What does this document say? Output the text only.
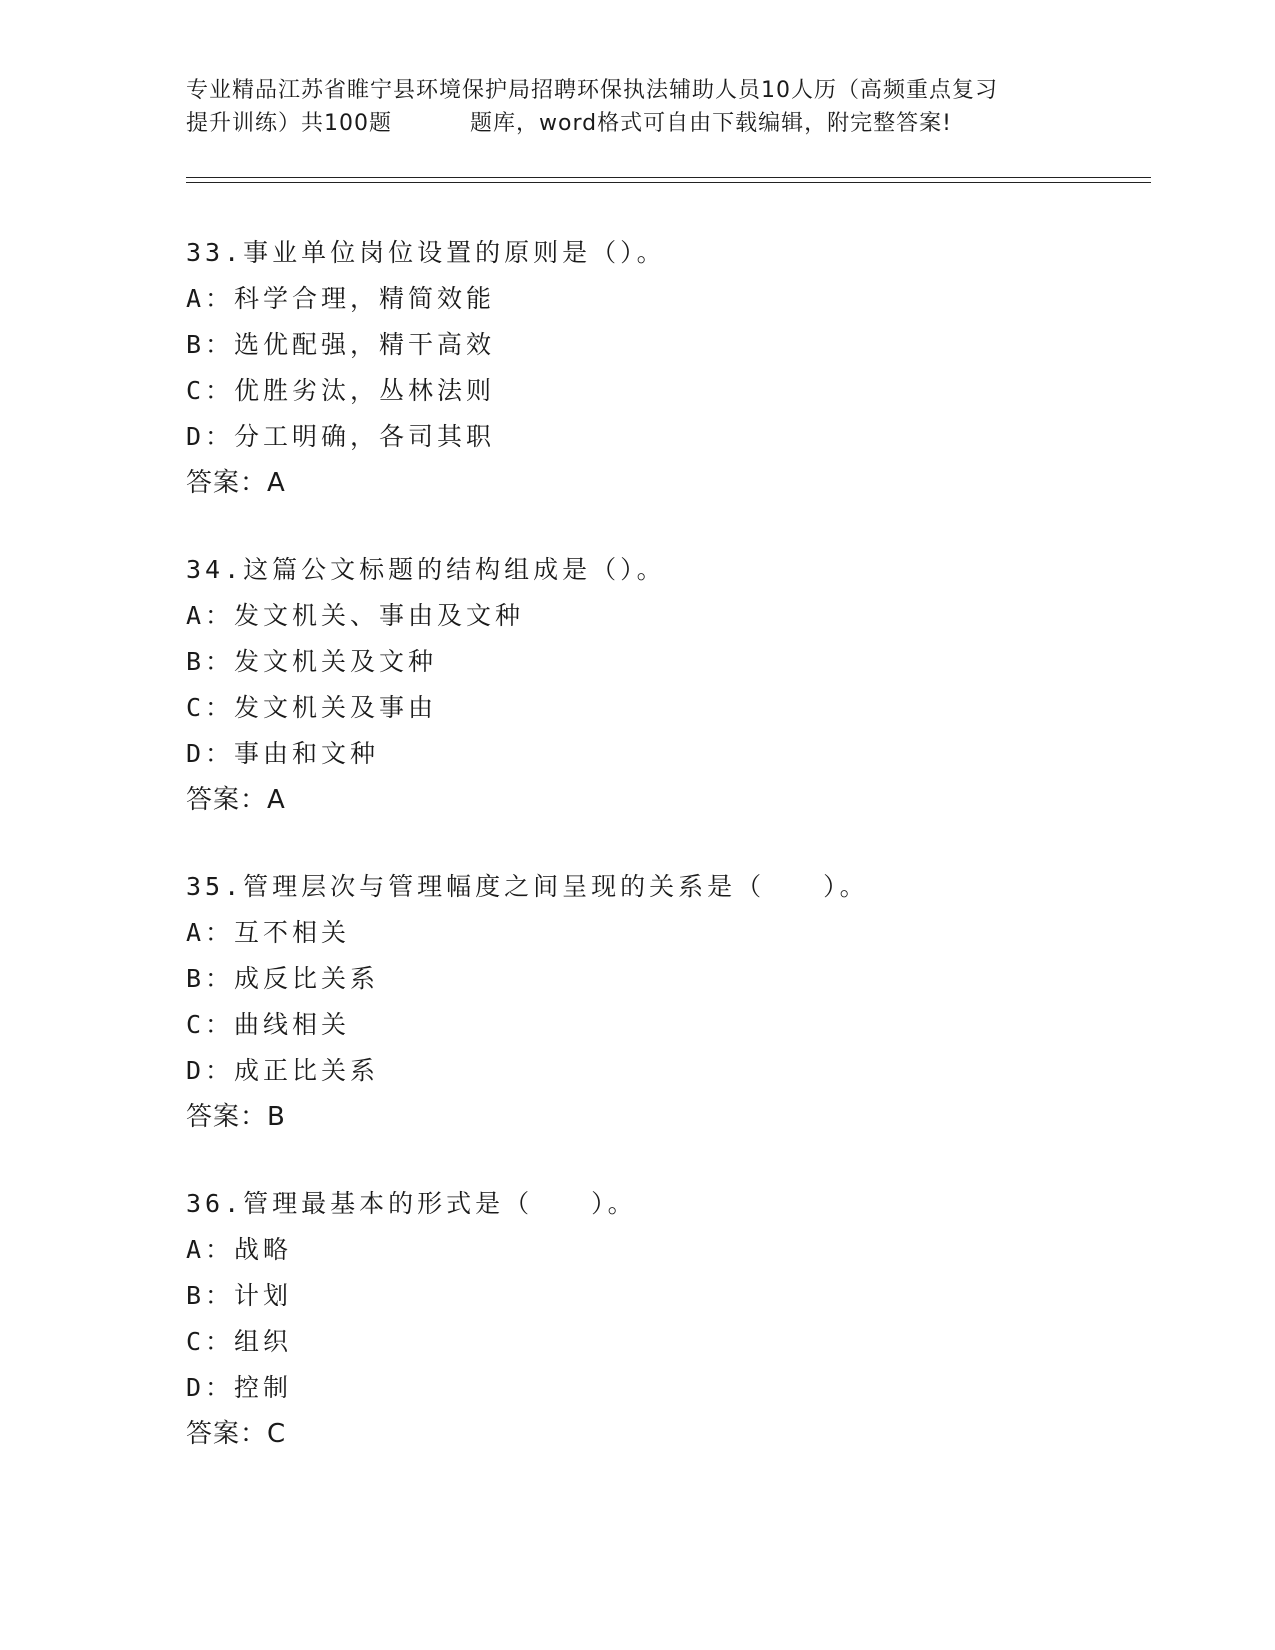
专业精品江苏省睢宁县环境保护局招聘环保执法辅助人员10人历（高频重点复习
提升训练）共100题	题库，word格式可自由下载编辑，附完整答案!
33.事业单位岗位设置的原则是（）。
A：科学合理，精简效能
B：选优配强，精干高效
C：优胜劣汰，丛林法则
D：分工明确，各司其职
答案：A
34.这篇公文标题的结构组成是（）。
A：发文机关、事由及文种
B：发文机关及文种
C：发文机关及事由
D：事由和文种
答案：A
35.管理层次与管理幅度之间呈现的关系是（　　）。
A：互不相关
B：成反比关系
C：曲线相关
D：成正比关系
答案：B
36.管理最基本的形式是（　　）。
A：战略
B：计划
C：组织
D：控制
答案：C
